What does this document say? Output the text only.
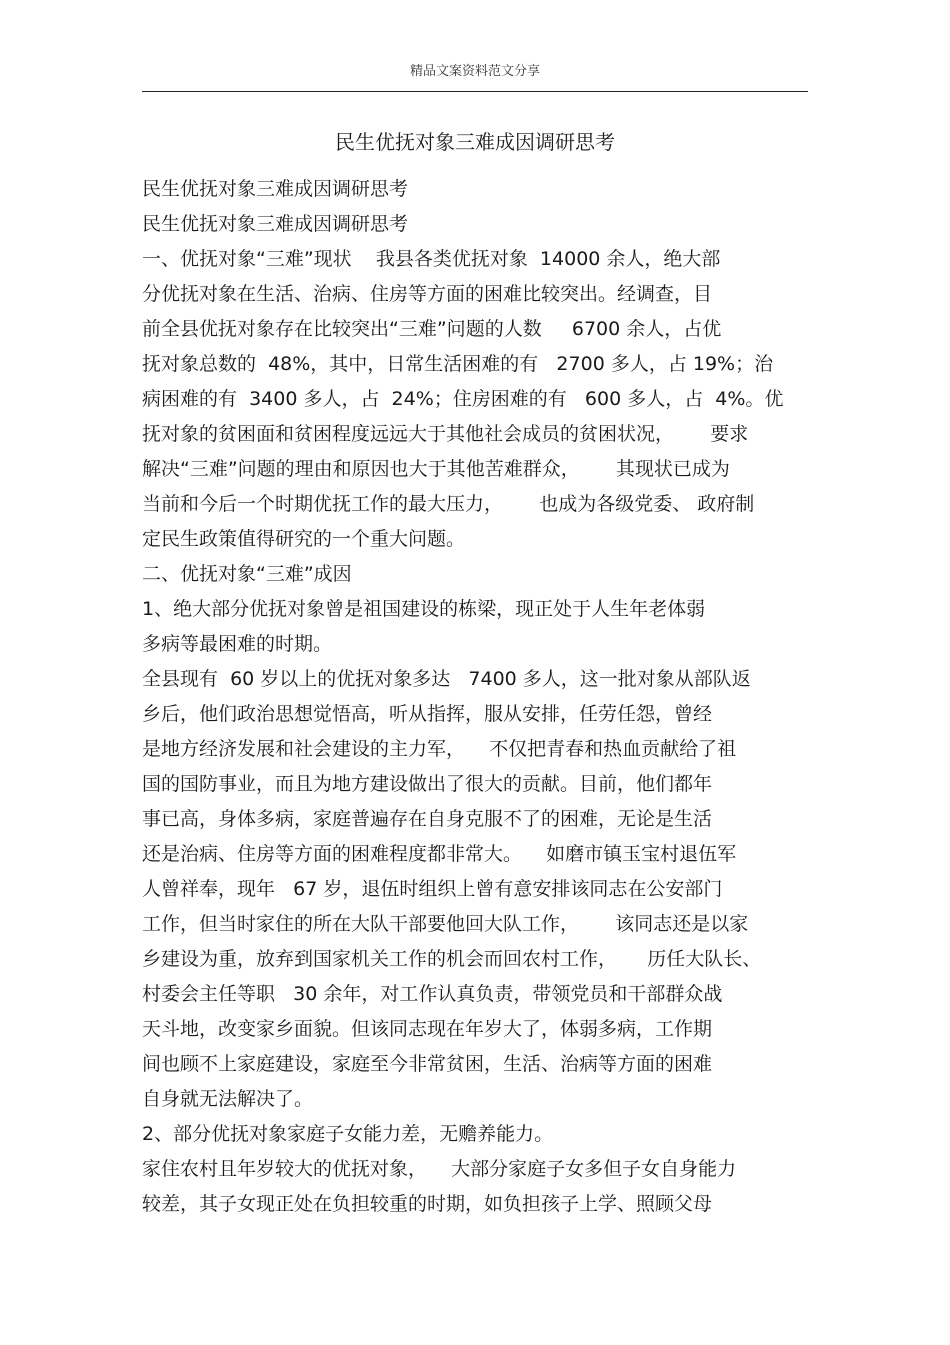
精品文案资料范文分享
民生优抚对象三难成因调研思考
民生优抚对象三难成因调研思考
民生优抚对象三难成因调研思考
一、优抚对象“三难”现状    我县各类优抚对象  14000 余人，绝大部
分优抚对象在生活、治病、住房等方面的困难比较突出。经调查，目
前全县优抚对象存在比较突出“三难”问题的人数     6700 余人，占优
抚对象总数的  48%，其中，日常生活困难的有   2700 多人，占 19%；治
病困难的有  3400 多人，占  24%；住房困难的有   600 多人，占  4%。优
抚对象的贫困面和贫困程度远远大于其他社会成员的贫困状况，      要求
解决“三难”问题的理由和原因也大于其他苦难群众，      其现状已成为
当前和今后一个时期优抚工作的最大压力，      也成为各级党委、 政府制
定民生政策值得研究的一个重大问题。
二、优抚对象“三难”成因
1、绝大部分优抚对象曾是祖国建设的栋梁，现正处于人生年老体弱
多病等最困难的时期。
全县现有  60 岁以上的优抚对象多达   7400 多人，这一批对象从部队返
乡后，他们政治思想觉悟高，听从指挥，服从安排，任劳任怨，曾经
是地方经济发展和社会建设的主力军，    不仅把青春和热血贡献给了祖
国的国防事业，而且为地方建设做出了很大的贡献。目前，他们都年
事已高，身体多病，家庭普遍存在自身克服不了的困难，无论是生活
还是治病、住房等方面的困难程度都非常大。    如磨市镇玉宝村退伍军
人曾祥奉，现年   67 岁，退伍时组织上曾有意安排该同志在公安部门
工作，但当时家住的所在大队干部要他回大队工作，      该同志还是以家
乡建设为重，放弃到国家机关工作的机会而回农村工作，     历任大队长、
村委会主任等职   30 余年，对工作认真负责，带领党员和干部群众战
天斗地，改变家乡面貌。但该同志现在年岁大了，体弱多病，工作期
间也顾不上家庭建设，家庭至今非常贫困，生活、治病等方面的困难
自身就无法解决了。
2、部分优抚对象家庭子女能力差，无赡养能力。
家住农村且年岁较大的优抚对象，    大部分家庭子女多但子女自身能力
较差，其子女现正处在负担较重的时期，如负担孩子上学、照顾父母
